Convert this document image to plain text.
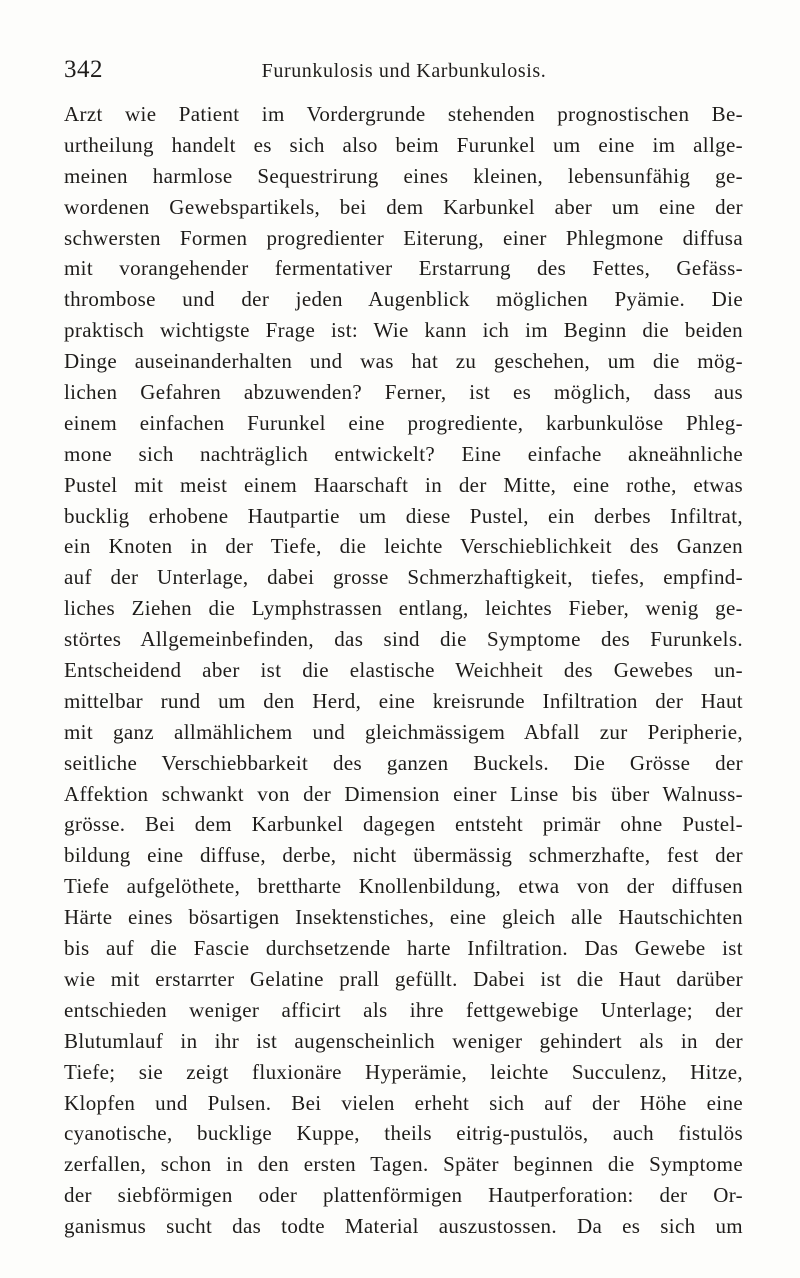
342	Furunkulosis und Karbunkulosis.
Arzt wie Patient im Vordergrunde stehenden prognostischen Be-
urtheilung handelt es sich also beim Furunkel um eine im allge-
meinen harmlose Sequestrirung eines kleinen, lebensunfähig ge-
wordenen Gewebspartikels, bei dem Karbunkel aber um eine der
schwersten Formen progredienter Eiterung, einer Phlegmone diffusa
mit vorangehender fermentativer Erstarrung des Fettes, Gefäss-
thrombose und der jeden Augenblick möglichen Pyämie. Die
praktisch wichtigste Frage ist: Wie kann ich im Beginn die beiden
Dinge auseinanderhalten und was hat zu geschehen, um die mög-
lichen Gefahren abzuwenden? Ferner, ist es möglich, dass aus
einem einfachen Furunkel eine progrediente, karbunkulöse Phleg-
mone sich nachträglich entwickelt? Eine einfache akneähnliche
Pustel mit meist einem Haarschaft in der Mitte, eine rothe, etwas
bucklig erhobene Hautpartie um diese Pustel, ein derbes Infiltrat,
ein Knoten in der Tiefe, die leichte Verschieblichkeit des Ganzen
auf der Unterlage, dabei grosse Schmerzhaftigkeit, tiefes, empfind-
liches Ziehen die Lymphstrassen entlang, leichtes Fieber, wenig ge-
störtes Allgemeinbefinden, das sind die Symptome des Furunkels.
Entscheidend aber ist die elastische Weichheit des Gewebes un-
mittelbar rund um den Herd, eine kreisrunde Infiltration der Haut
mit ganz allmählichem und gleichmässigem Abfall zur Peripherie,
seitliche Verschiebbarkeit des ganzen Buckels. Die Grösse der
Affektion schwankt von der Dimension einer Linse bis über Walnuss-
grösse. Bei dem Karbunkel dagegen entsteht primär ohne Pustel-
bildung eine diffuse, derbe, nicht übermässig schmerzhafte, fest der
Tiefe aufgelöthete, brettharte Knollenbildung, etwa von der diffusen
Härte eines bösartigen Insektenstiches, eine gleich alle Hautschichten
bis auf die Fascie durchsetzende harte Infiltration. Das Gewebe ist
wie mit erstarrter Gelatine prall gefüllt. Dabei ist die Haut darüber
entschieden weniger afficirt als ihre fettgewebige Unterlage; der
Blutumlauf in ihr ist augenscheinlich weniger gehindert als in der
Tiefe; sie zeigt fluxionäre Hyperämie, leichte Succulenz, Hitze,
Klopfen und Pulsen. Bei vielen erheht sich auf der Höhe eine
cyanotische, bucklige Kuppe, theils eitrig-pustulös, auch fistulös
zerfallen, schon in den ersten Tagen. Später beginnen die Symptome
der siebförmigen oder plattenförmigen Hautperforation: der Or-
ganismus sucht das todte Material auszustossen. Da es sich um
